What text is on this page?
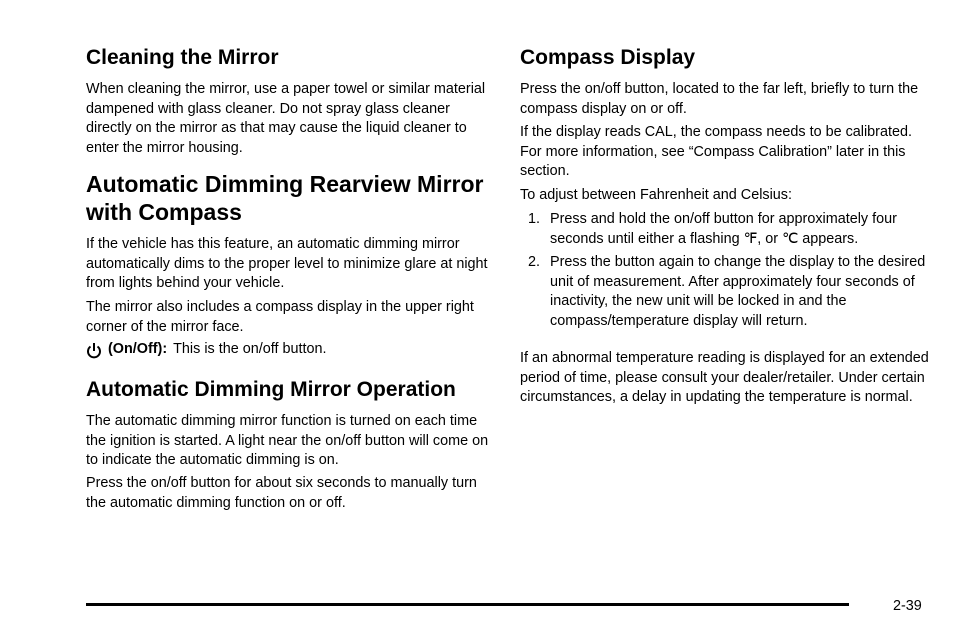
Cleaning the Mirror

When cleaning the mirror, use a paper towel or similar material dampened with glass cleaner. Do not spray glass cleaner directly on the mirror as that may cause the liquid cleaner to enter the mirror housing.

Automatic Dimming Rearview Mirror with Compass

If the vehicle has this feature, an automatic dimming mirror automatically dims to the proper level to minimize glare at night from lights behind your vehicle.

The mirror also includes a compass display in the upper right corner of the mirror face.

(On/Off): This is the on/off button.
Automatic Dimming Mirror Operation

The automatic dimming mirror function is turned on each time the ignition is started. A light near the on/off button will come on to indicate the automatic dimming is on.

Press the on/off button for about six seconds to manually turn the automatic dimming function on or off.

Compass Display

Press the on/off button, located to the far left, briefly to turn the compass display on or off.

If the display reads CAL, the compass needs to be calibrated. For more information, see “Compass Calibration” later in this section.

To adjust between Fahrenheit and Celsius:

1. Press and hold the on/off button for approximately four seconds until either a flashing ℉, or ℃ appears.
2. Press the button again to change the display to the desired unit of measurement. After approximately four seconds of inactivity, the new unit will be locked in and the compass/temperature display will return.

If an abnormal temperature reading is displayed for an extended period of time, please consult your dealer/retailer. Under certain circumstances, a delay in updating the temperature is normal.

2-39
